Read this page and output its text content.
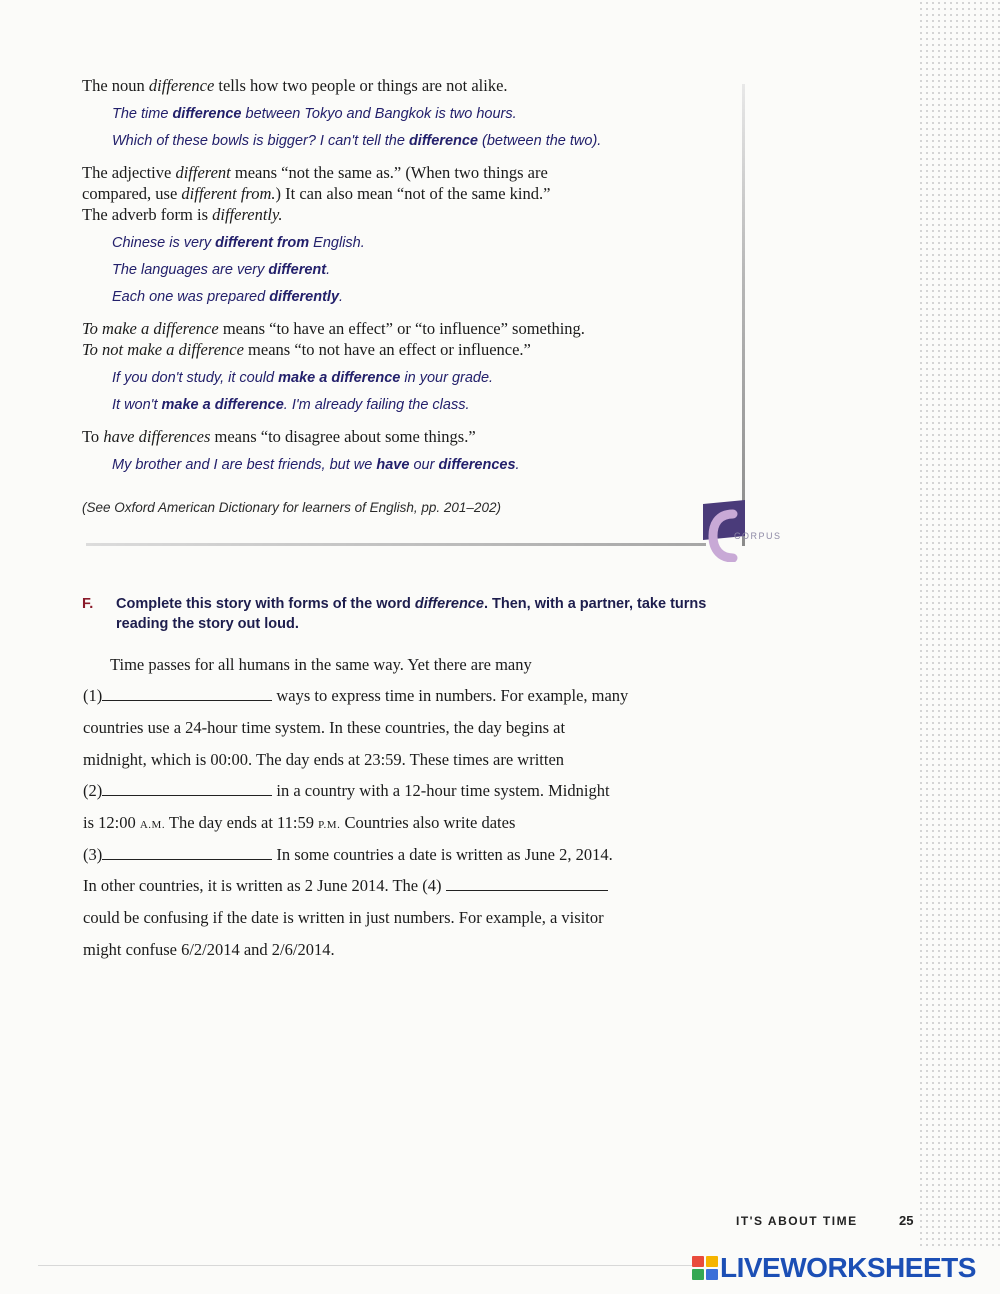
The noun difference tells how two people or things are not alike.
The time difference between Tokyo and Bangkok is two hours.
Which of these bowls is bigger? I can't tell the difference (between the two).
The adjective different means “not the same as.” (When two things are
compared, use different from.) It can also mean “not of the same kind.”
The adverb form is differently.
Chinese is very different from English.
The languages are very different.
Each one was prepared differently.
To make a difference means “to have an effect” or “to influence” something.
To not make a difference means “to not have an effect or influence.”
If you don't study, it could make a difference in your grade.
It won't make a difference. I'm already failing the class.
To have differences means “to disagree about some things.”
My brother and I are best friends, but we have our differences.
(See Oxford American Dictionary for learners of English, pp. 201–202)
CORPUS
F.	Complete this story with forms of the word difference. Then, with a partner, take turns reading the story out loud.
Time passes for all humans in the same way. Yet there are many
(1)	ways to express time in numbers. For example, many
countries use a 24-hour time system. In these countries, the day begins at
midnight, which is 00:00. The day ends at 23:59. These times are written
(2)	in a country with a 12-hour time system. Midnight
is 12:00 A.M. The day ends at 11:59 P.M. Countries also write dates
(3)	In some countries a date is written as June 2, 2014.
In other countries, it is written as 2 June 2014. The (4)
could be confusing if the date is written in just numbers. For example, a visitor
might confuse 6/2/2014 and 2/6/2014.
IT'S ABOUT TIME	25
LIVEWORKSHEETS
